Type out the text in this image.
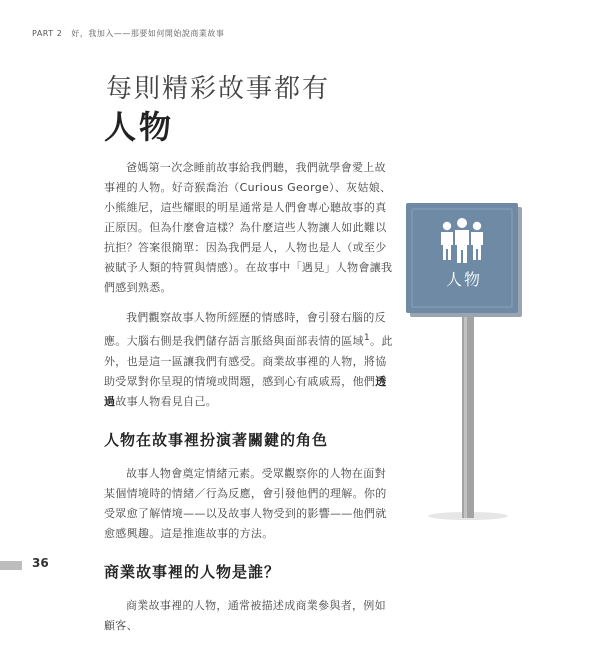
PART 2 好，我加入——那要如何開始說商業故事
每則精彩故事都有
人物

爸媽第一次念睡前故事給我們聽，我們就學會愛上故事裡的人物。好奇猴喬治（Curious George）、灰姑娘、小熊維尼，這些耀眼的明星通常是人們會專心聽故事的真正原因。但為什麼會這樣？為什麼這些人物讓人如此難以抗拒？答案很簡單：因為我們是人，人物也是人（或至少被賦予人類的特質與情感）。在故事中「遇見」人物會讓我們感到熟悉。

我們觀察故事人物所經歷的情感時，會引發右腦的反應。大腦右側是我們儲存語言脈絡與面部表情的區域$^1$。此外，也是這一區讓我們有感受。商業故事裡的人物，將協助受眾對你呈現的情境或問題，感到心有戚戚焉，他們透過故事人物看見自己。

人物在故事裡扮演著關鍵的角色

故事人物會奠定情緒元素。受眾觀察你的人物在面對某個情境時的情緒／行為反應，會引發他們的理解。你的受眾愈了解情境——以及故事人物受到的影響——他們就愈感興趣。這是推進故事的方法。

商業故事裡的人物是誰？

商業故事裡的人物，通常被描述成商業參與者，例如顧客、

人物
36
